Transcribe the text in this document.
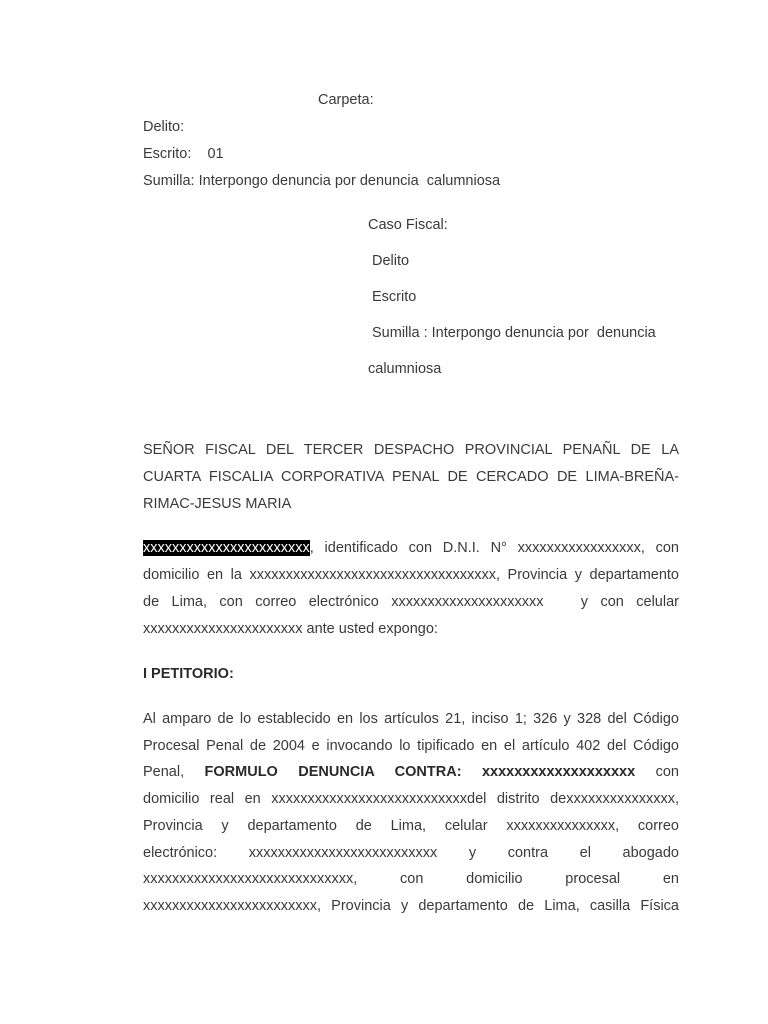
Carpeta:
Delito:
Escrito:    01
Sumilla: Interpongo denuncia por denuncia  calumniosa
Caso Fiscal:
Delito
Escrito
Sumilla : Interpongo denuncia por  denuncia
calumniosa
SEÑOR FISCAL DEL TERCER DESPACHO PROVINCIAL PENAÑL DE LA
CUARTA FISCALIA CORPORATIVA PENAL DE CERCADO DE LIMA-BREÑA-
RIMAC-JESUS MARIA
xxxxxxxxxxxxxxxxxxxxxxx, identificado con D.N.I. N° xxxxxxxxxxxxxxxxx, con
domicilio en la xxxxxxxxxxxxxxxxxxxxxxxxxxxxxxxxxx, Provincia y departamento
de Lima, con correo electrónico xxxxxxxxxxxxxxxxxxxxx   y con celular
xxxxxxxxxxxxxxxxxxxxxx ante usted expongo:
I PETITORIO:
Al amparo de lo establecido en los artículos 21, inciso 1; 326 y 328 del Código
Procesal Penal de 2004 e invocando lo tipificado en el artículo 402 del Código
Penal, FORMULO DENUNCIA CONTRA: xxxxxxxxxxxxxxxxxxx con
domicilio real en xxxxxxxxxxxxxxxxxxxxxxxxxxxdel distrito dexxxxxxxxxxxxxxx,
Provincia y departamento de Lima, celular xxxxxxxxxxxxxxx, correo
electrónico: xxxxxxxxxxxxxxxxxxxxxxxxxx y contra el abogado
xxxxxxxxxxxxxxxxxxxxxxxxxxxxx, con domicilio procesal en
xxxxxxxxxxxxxxxxxxxxxxxx, Provincia y departamento de Lima, casilla Física
